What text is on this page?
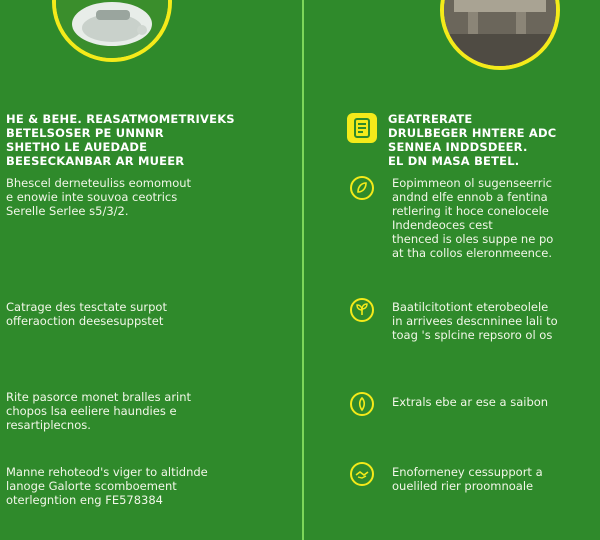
HE & BEHE. REASATMOMETRIVEKS
BETELSOSER PE UNNNR
SHETHO LE AUEDADE
BEESECKANBAR AR MUEER
Bhescel derneteuliss eomomout
e enowie inte souvoa ceotrics
Serelle Serlee s5/3/2.
Catrage des tesctate surpot
offeraoction deesesuppstet
Rite pasorce monet bralles arint
chopos lsa eeliere haundies e
resartiplecnos.
Manne rehoteod's viger to altidnde
lanoge Galorte scomboement
oterlegntion eng FE578384
GEATRERATE
DRULBEGER HNTERE ADC
SENNEA INDDSDEER.
EL DN MASA BETEL.
Eopimmeon ol sugenseerric
andnd elfe ennob a fentina
retlering it hoce conelocele
Indendeoces cest
thenced is oles suppe ne po
at tha collos eleronmeence.
Baatilcitotiont eterobeolele
in arrivees descnninee lali to
toag 's splcine repsoro ol os
Extrals ebe ar ese a saibon
Enoforneney cessupport a
oueliled rier proomnoale
